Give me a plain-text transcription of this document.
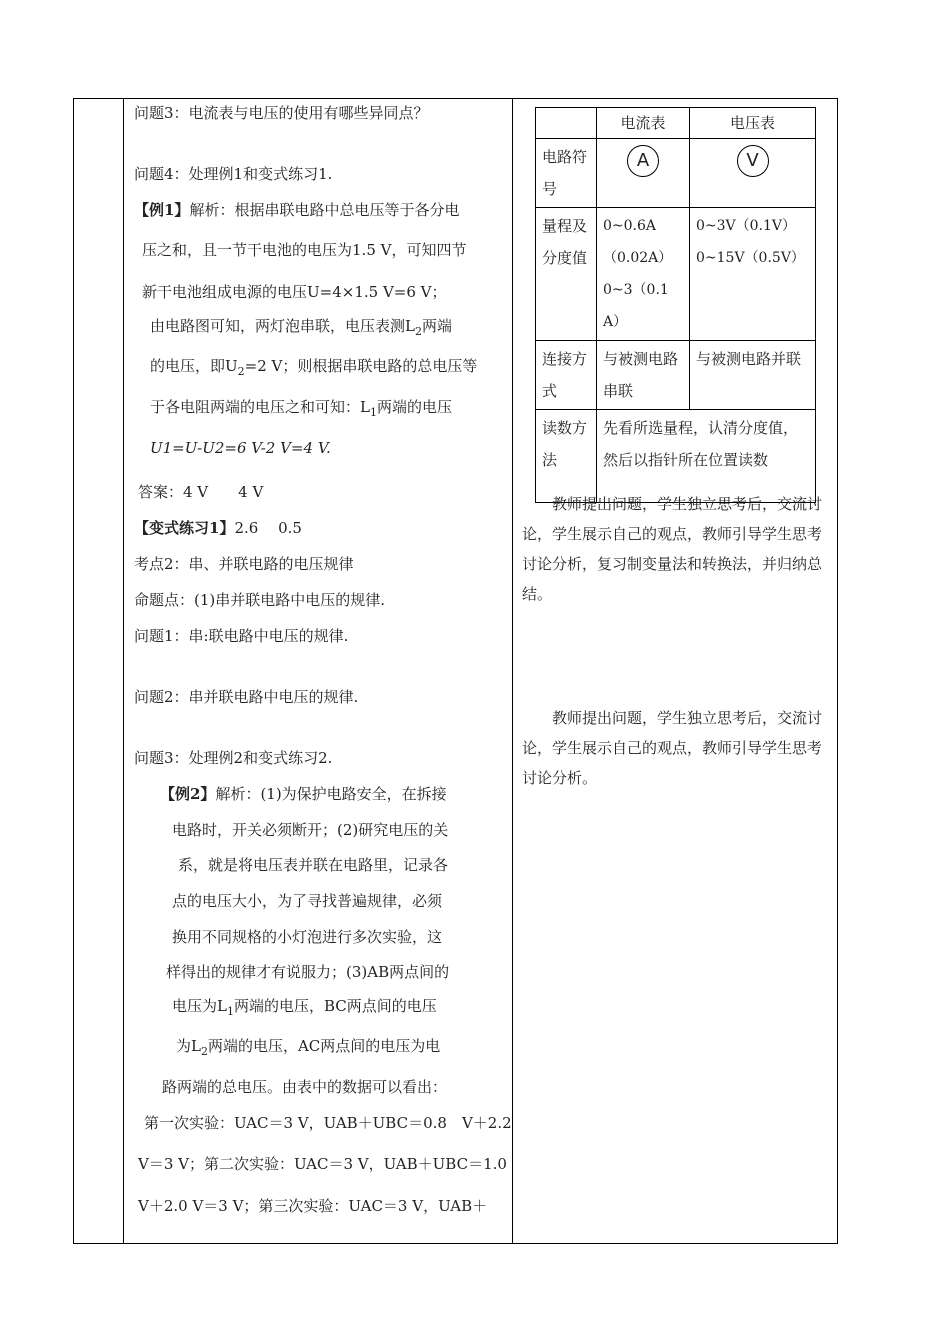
问题3：电流表与电压的使用有哪些异同点？
问题4：处理例1和变式练习1.
【例1】解析：根据串联电路中总电压等于各分电
压之和，且一节干电池的电压为1.5 V，可知四节
新干电池组成电源的电压U=4×1.5 V=6 V；
由电路图可知，两灯泡串联，电压表测$L_2$两端
的电压，即$U_2=2$ V；则根据串联电路的总电压等
于各电阻两端的电压之和可知：$L_1$两端的电压
U1=U-U2=6 V-2 V=4 V.
答案：4 V　　4 V
【变式练习1】2.6　 0.5
考点2：串、并联电路的电压规律
命题点：(1)串并联电路中电压的规律.
问题1：串:联电路中电压的规律.
问题2：串并联电路中电压的规律.
问题3：处理例2和变式练习2.
【例2】解析：(1)为保护电路安全，在拆接
电路时，开关必须断开；(2)研究电压的关
系，就是将电压表并联在电路里，记录各
点的电压大小，为了寻找普遍规律，必须
换用不同规格的小灯泡进行多次实验，这
样得出的规律才有说服力；(3)AB两点间的
电压为$L_1$两端的电压，BC两点间的电压
为$L_2$两端的电压，AC两点间的电压为电
路两端的总电压。由表中的数据可以看出：
第一次实验：UAC＝3 V，UAB＋UBC＝0.8　V＋2.2
V＝3 V；第二次实验：UAC＝3 V，UAB＋UBC＝1.0
V＋2.0 V＝3 V；第三次实验：UAC＝3 V，UAB＋
	电流表	电压表
电路符号	A	V
量程及分度值	0~0.6A（0.02A） 0~3（0.1A）	0~3V（0.1V） 0~15V（0.5V）
连接方式	与被测电路串联	与被测电路并联
读数方法	先看所选量程，认清分度值，然后以指针所在位置读数	
教师提出问题，学生独立思考后，交流讨论，学生展示自己的观点，教师引导学生思考讨论分析，复习制变量法和转换法，并归纳总结。
教师提出问题，学生独立思考后，交流讨论，学生展示自己的观点，教师引导学生思考讨论分析。
